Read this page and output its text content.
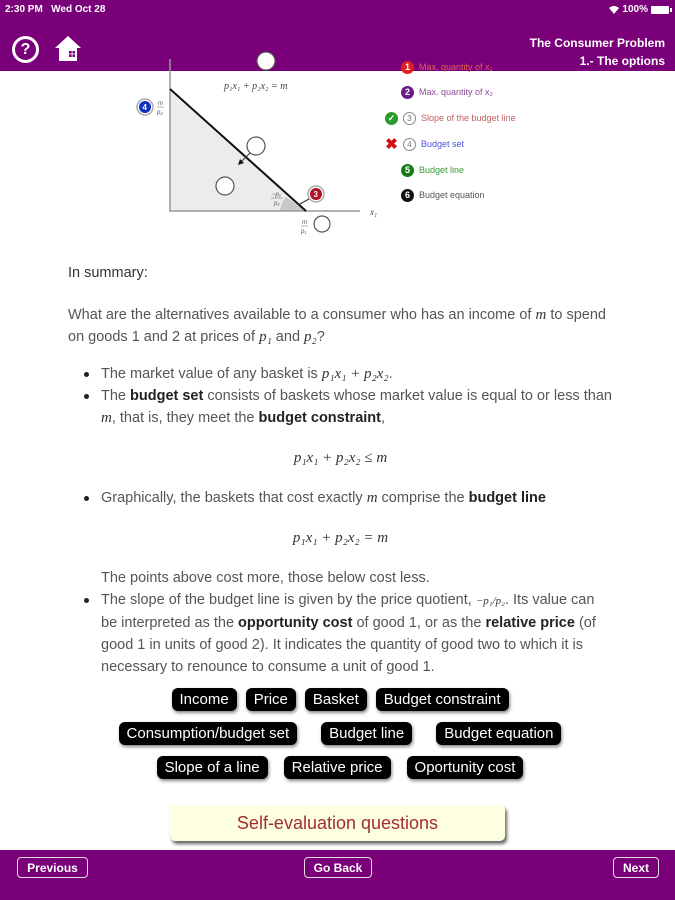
2:30 PM Wed Oct 28	100%
?	The Consumer Problem
1.- The options
p₁x₁ + p₂x₂ = m
4 m
p₂
−p₁
p₂
3
m
p₁
x₁
1	Max. quantity of x₁
2	Max. quantity of x₂
✓	3	Slope of the budget line
✖	4	Budget set
5	Budget line
6	Budget equation
In summary:
What are the alternatives available to a consumer who has an income of m to spend on goods 1 and 2 at prices of p₁ and p₂?
The market value of any basket is p₁x₁ + p₂x₂.
The budget set consists of baskets whose market value is equal to or less than m, that is, they meet the budget constraint,
p₁x₁ + p₂x₂ ≤ m
Graphically, the baskets that cost exactly m comprise the budget line
p₁x₁ + p₂x₂ = m
The points above cost more, those below cost less.
The slope of the budget line is given by the price quotient, −p₁/p₂. Its value can be interpreted as the opportunity cost of good 1, or as the relative price (of good 1 in units of good 2). It indicates the quantity of good two to which it is necessary to renounce to consume a unit of good 1.
Income	Price	Basket	Budget constraint
Consumption/budget set	Budget line	Budget equation
Slope of a line	Relative price	Oportunity cost
Self-evaluation questions
Previous	Go Back	Next
